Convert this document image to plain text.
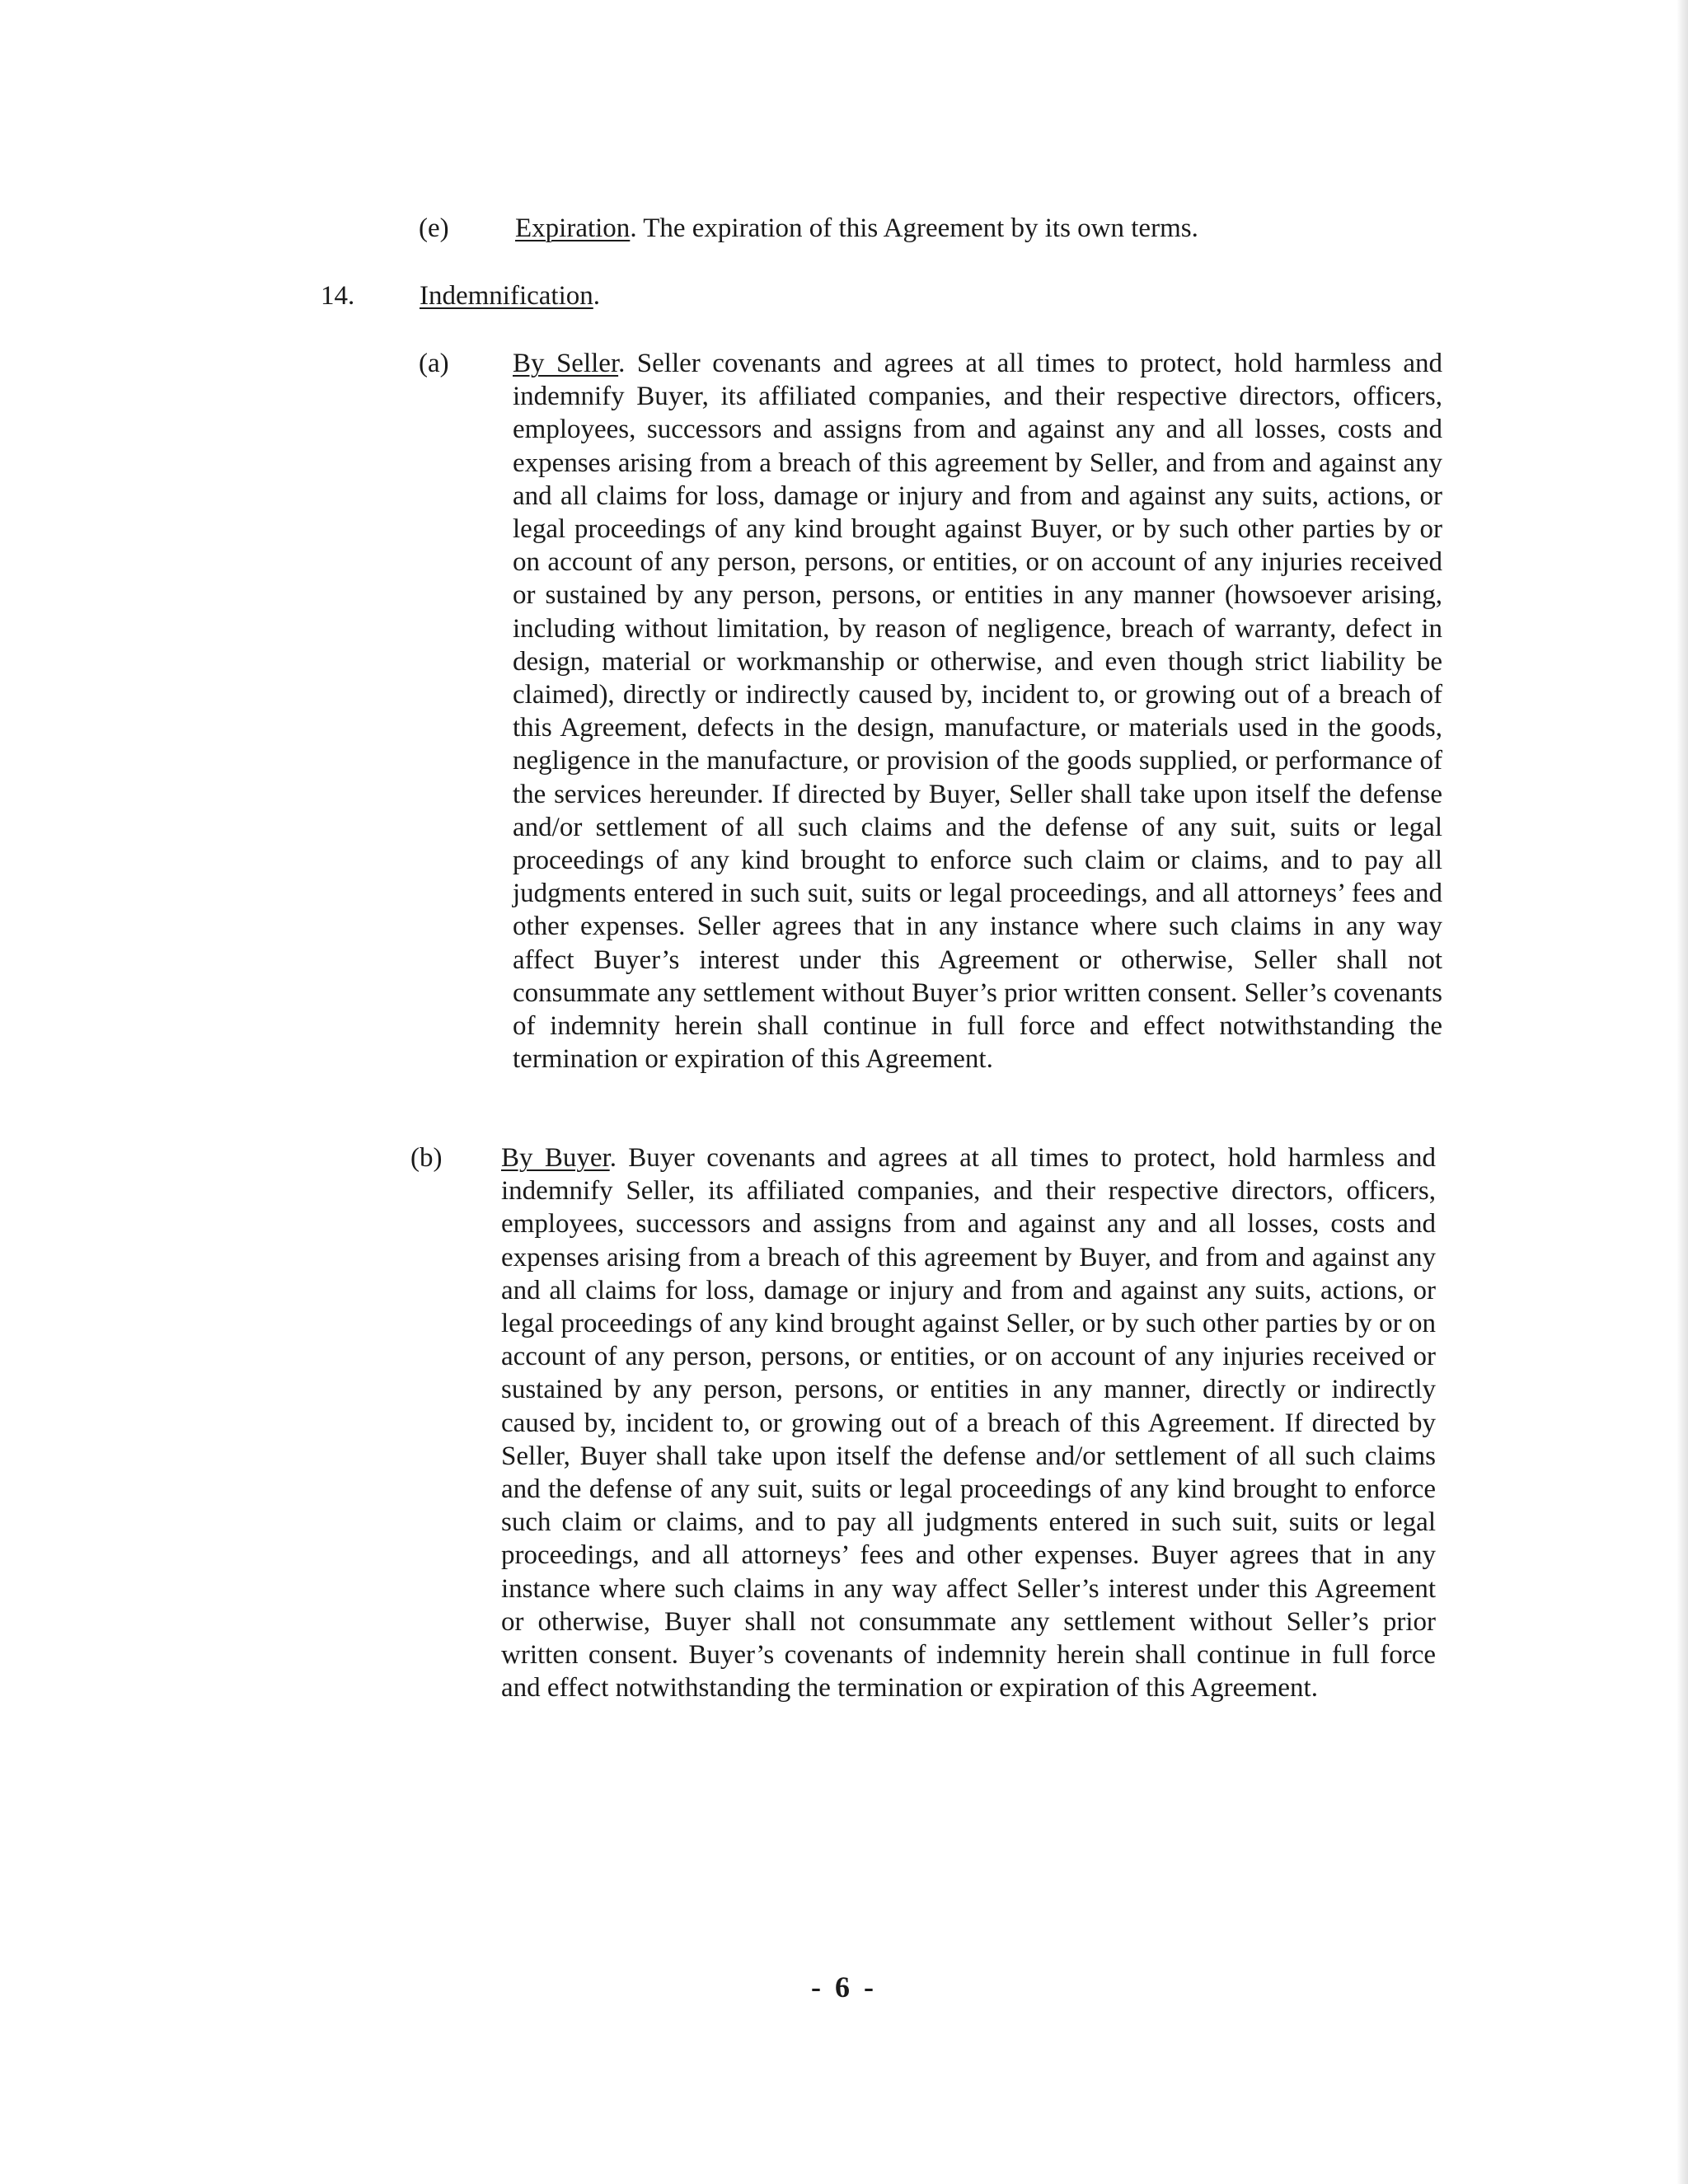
(e) Expiration. The expiration of this Agreement by its own terms.
14. Indemnification.
(a) By Seller. Seller covenants and agrees at all times to protect, hold harmless and indemnify Buyer, its affiliated companies, and their respective directors, officers, employees, successors and assigns from and against any and all losses, costs and expenses arising from a breach of this agreement by Seller, and from and against any and all claims for loss, damage or injury and from and against any suits, actions, or legal proceedings of any kind brought against Buyer, or by such other parties by or on account of any person, persons, or entities, or on account of any injuries received or sustained by any person, persons, or entities in any manner (howsoever arising, including without limitation, by reason of negligence, breach of warranty, defect in design, material or workmanship or otherwise, and even though strict liability be claimed), directly or indirectly caused by, incident to, or growing out of a breach of this Agreement, defects in the design, manufacture, or materials used in the goods, negligence in the manufacture, or provision of the goods supplied, or performance of the services hereunder. If directed by Buyer, Seller shall take upon itself the defense and/or settlement of all such claims and the defense of any suit, suits or legal proceedings of any kind brought to enforce such claim or claims, and to pay all judgments entered in such suit, suits or legal proceedings, and all attorneys’ fees and other expenses. Seller agrees that in any instance where such claims in any way affect Buyer’s interest under this Agreement or otherwise, Seller shall not consummate any settlement without Buyer’s prior written consent. Seller’s covenants of indemnity herein shall continue in full force and effect notwithstanding the termination or expiration of this Agreement.
(b) By Buyer. Buyer covenants and agrees at all times to protect, hold harmless and indemnify Seller, its affiliated companies, and their respective directors, officers, employees, successors and assigns from and against any and all losses, costs and expenses arising from a breach of this agreement by Buyer, and from and against any and all claims for loss, damage or injury and from and against any suits, actions, or legal proceedings of any kind brought against Seller, or by such other parties by or on account of any person, persons, or entities, or on account of any injuries received or sustained by any person, persons, or entities in any manner, directly or indirectly caused by, incident to, or growing out of a breach of this Agreement. If directed by Seller, Buyer shall take upon itself the defense and/or settlement of all such claims and the defense of any suit, suits or legal proceedings of any kind brought to enforce such claim or claims, and to pay all judgments entered in such suit, suits or legal proceedings, and all attorneys’ fees and other expenses. Buyer agrees that in any instance where such claims in any way affect Seller’s interest under this Agreement or otherwise, Buyer shall not consummate any settlement without Seller’s prior written consent. Buyer’s covenants of indemnity herein shall continue in full force and effect notwithstanding the termination or expiration of this Agreement.
- 6 -
